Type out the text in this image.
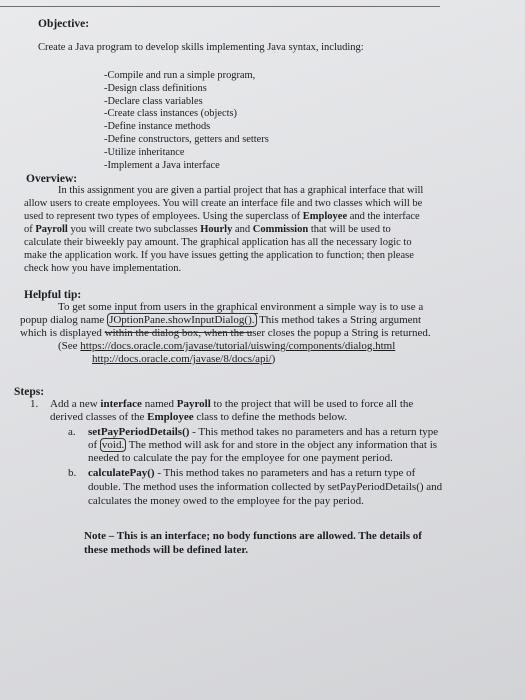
Objective:
Create a Java program to develop skills implementing Java syntax, including:
-Compile and run a simple program,
-Design class definitions
-Declare class variables
-Create class instances (objects)
-Define instance methods
-Define constructors, getters and setters
-Utilize inheritance
-Implement a Java interface
Overview:
In this assignment you are given a partial project that has a graphical interface that will
allow users to create employees. You will create an interface file and two classes which will be
used to represent two types of employees. Using the superclass of Employee and the interface
of Payroll you will create two subclasses Hourly and Commission that will be used to
calculate their biweekly pay amount. The graphical application has all the necessary logic to
make the application work. If you have issues getting the application to function; then please
check how you have implementation.
Helpful tip:
To get some input from users in the graphical environment a simple way is to use a
popup dialog name JOptionPane.showInputDialog(). This method takes a String argument
which is displayed within the dialog box, when the user closes the popup a String is returned.
(See https://docs.oracle.com/javase/tutorial/uiswing/components/dialog.html
http://docs.oracle.com/javase/8/docs/api/)
Steps:
1. Add a new interface named Payroll to the project that will be used to force all the
derived classes of the Employee class to define the methods below.
a. setPayPeriodDetails() - This method takes no parameters and has a return type
of void. The method will ask for and store in the object any information that is
needed to calculate the pay for the employee for one payment period.
b. calculatePay() - This method takes no parameters and has a return type of
double. The method uses the information collected by setPayPeriodDetails() and
calculates the money owed to the employee for the pay period.
Note – This is an interface; no body functions are allowed. The details of
these methods will be defined later.
